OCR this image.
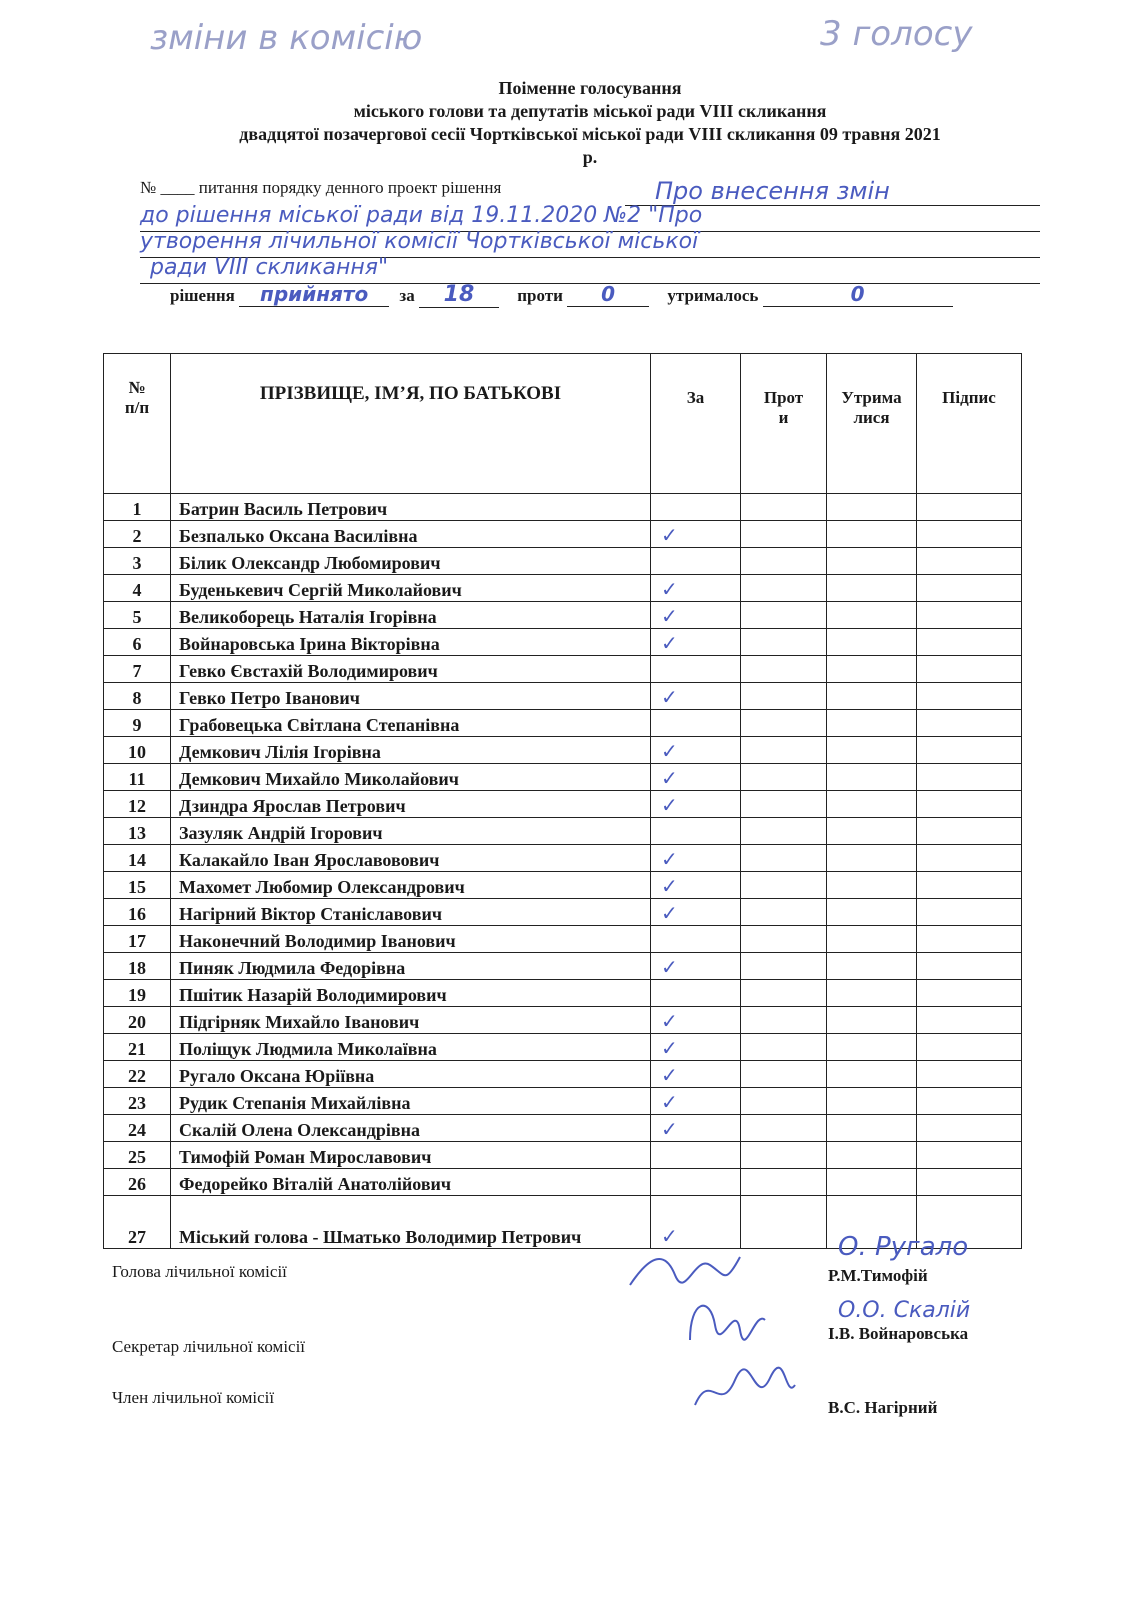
зміни в комісію	3 голосу
Поіменне голосування
міського голови та депутатів міської ради VIII скликання
двадцятої позачергової сесії Чортківської міської ради VIII скликання 09 травня 2021
р.
№ ____ питання порядку денного проект рішення	Про внесення змін
до рішення міської ради від 19.11.2020 №2 "Про
утворення лічильної комісії Чортківської міської
ради VIII скликання"
рішення прийнято за 18	проти 0	утрималось	0
№ п/п	ПРІЗВИЩЕ, ІМ’Я, ПО БАТЬКОВІ	За	Проти	Утрималися	Підпис
1	Батрин Василь Петрович				
2	Безпалько Оксана Василівна	✓			
3	Білик Олександр Любомирович				
4	Буденькевич Сергій Миколайович	✓			
5	Великоборець Наталія Ігорівна	✓			
6	Войнаровська Ірина Вікторівна	✓			
7	Гевко Євстахій Володимирович				
8	Гевко Петро Іванович	✓			
9	Грабовецька Світлана Степанівна				
10	Демкович Лілія Ігорівна	✓			
11	Демкович Михайло Миколайович	✓			
12	Дзиндра Ярослав Петрович	✓			
13	Зазуляк Андрій Ігорович				
14	Калакайло Іван Ярославовович	✓			
15	Махомет Любомир Олександрович	✓			
16	Нагірний Віктор Станіславович	✓			
17	Наконечний Володимир Іванович				
18	Пиняк Людмила Федорівна	✓			
19	Пшітик Назарій Володимирович				
20	Підгірняк Михайло Іванович	✓			
21	Поліщук Людмила Миколаївна	✓			
22	Ругало Оксана Юріївна	✓			
23	Рудик Степанія Михайлівна	✓			
24	Скалій Олена Олександрівна	✓			
25	Тимофій Роман Мирославович				
26	Федорейко Віталій Анатолійович				
27	Міський голова - Шматько Володимир Петрович	✓			
Голова лічильної комісії
Секретар лічильної комісії
Член лічильної комісії
О. Ругало
Р.М.Тимофій
О.О. Скалій
І.В. Войнаровська
В.С. Нагірний
